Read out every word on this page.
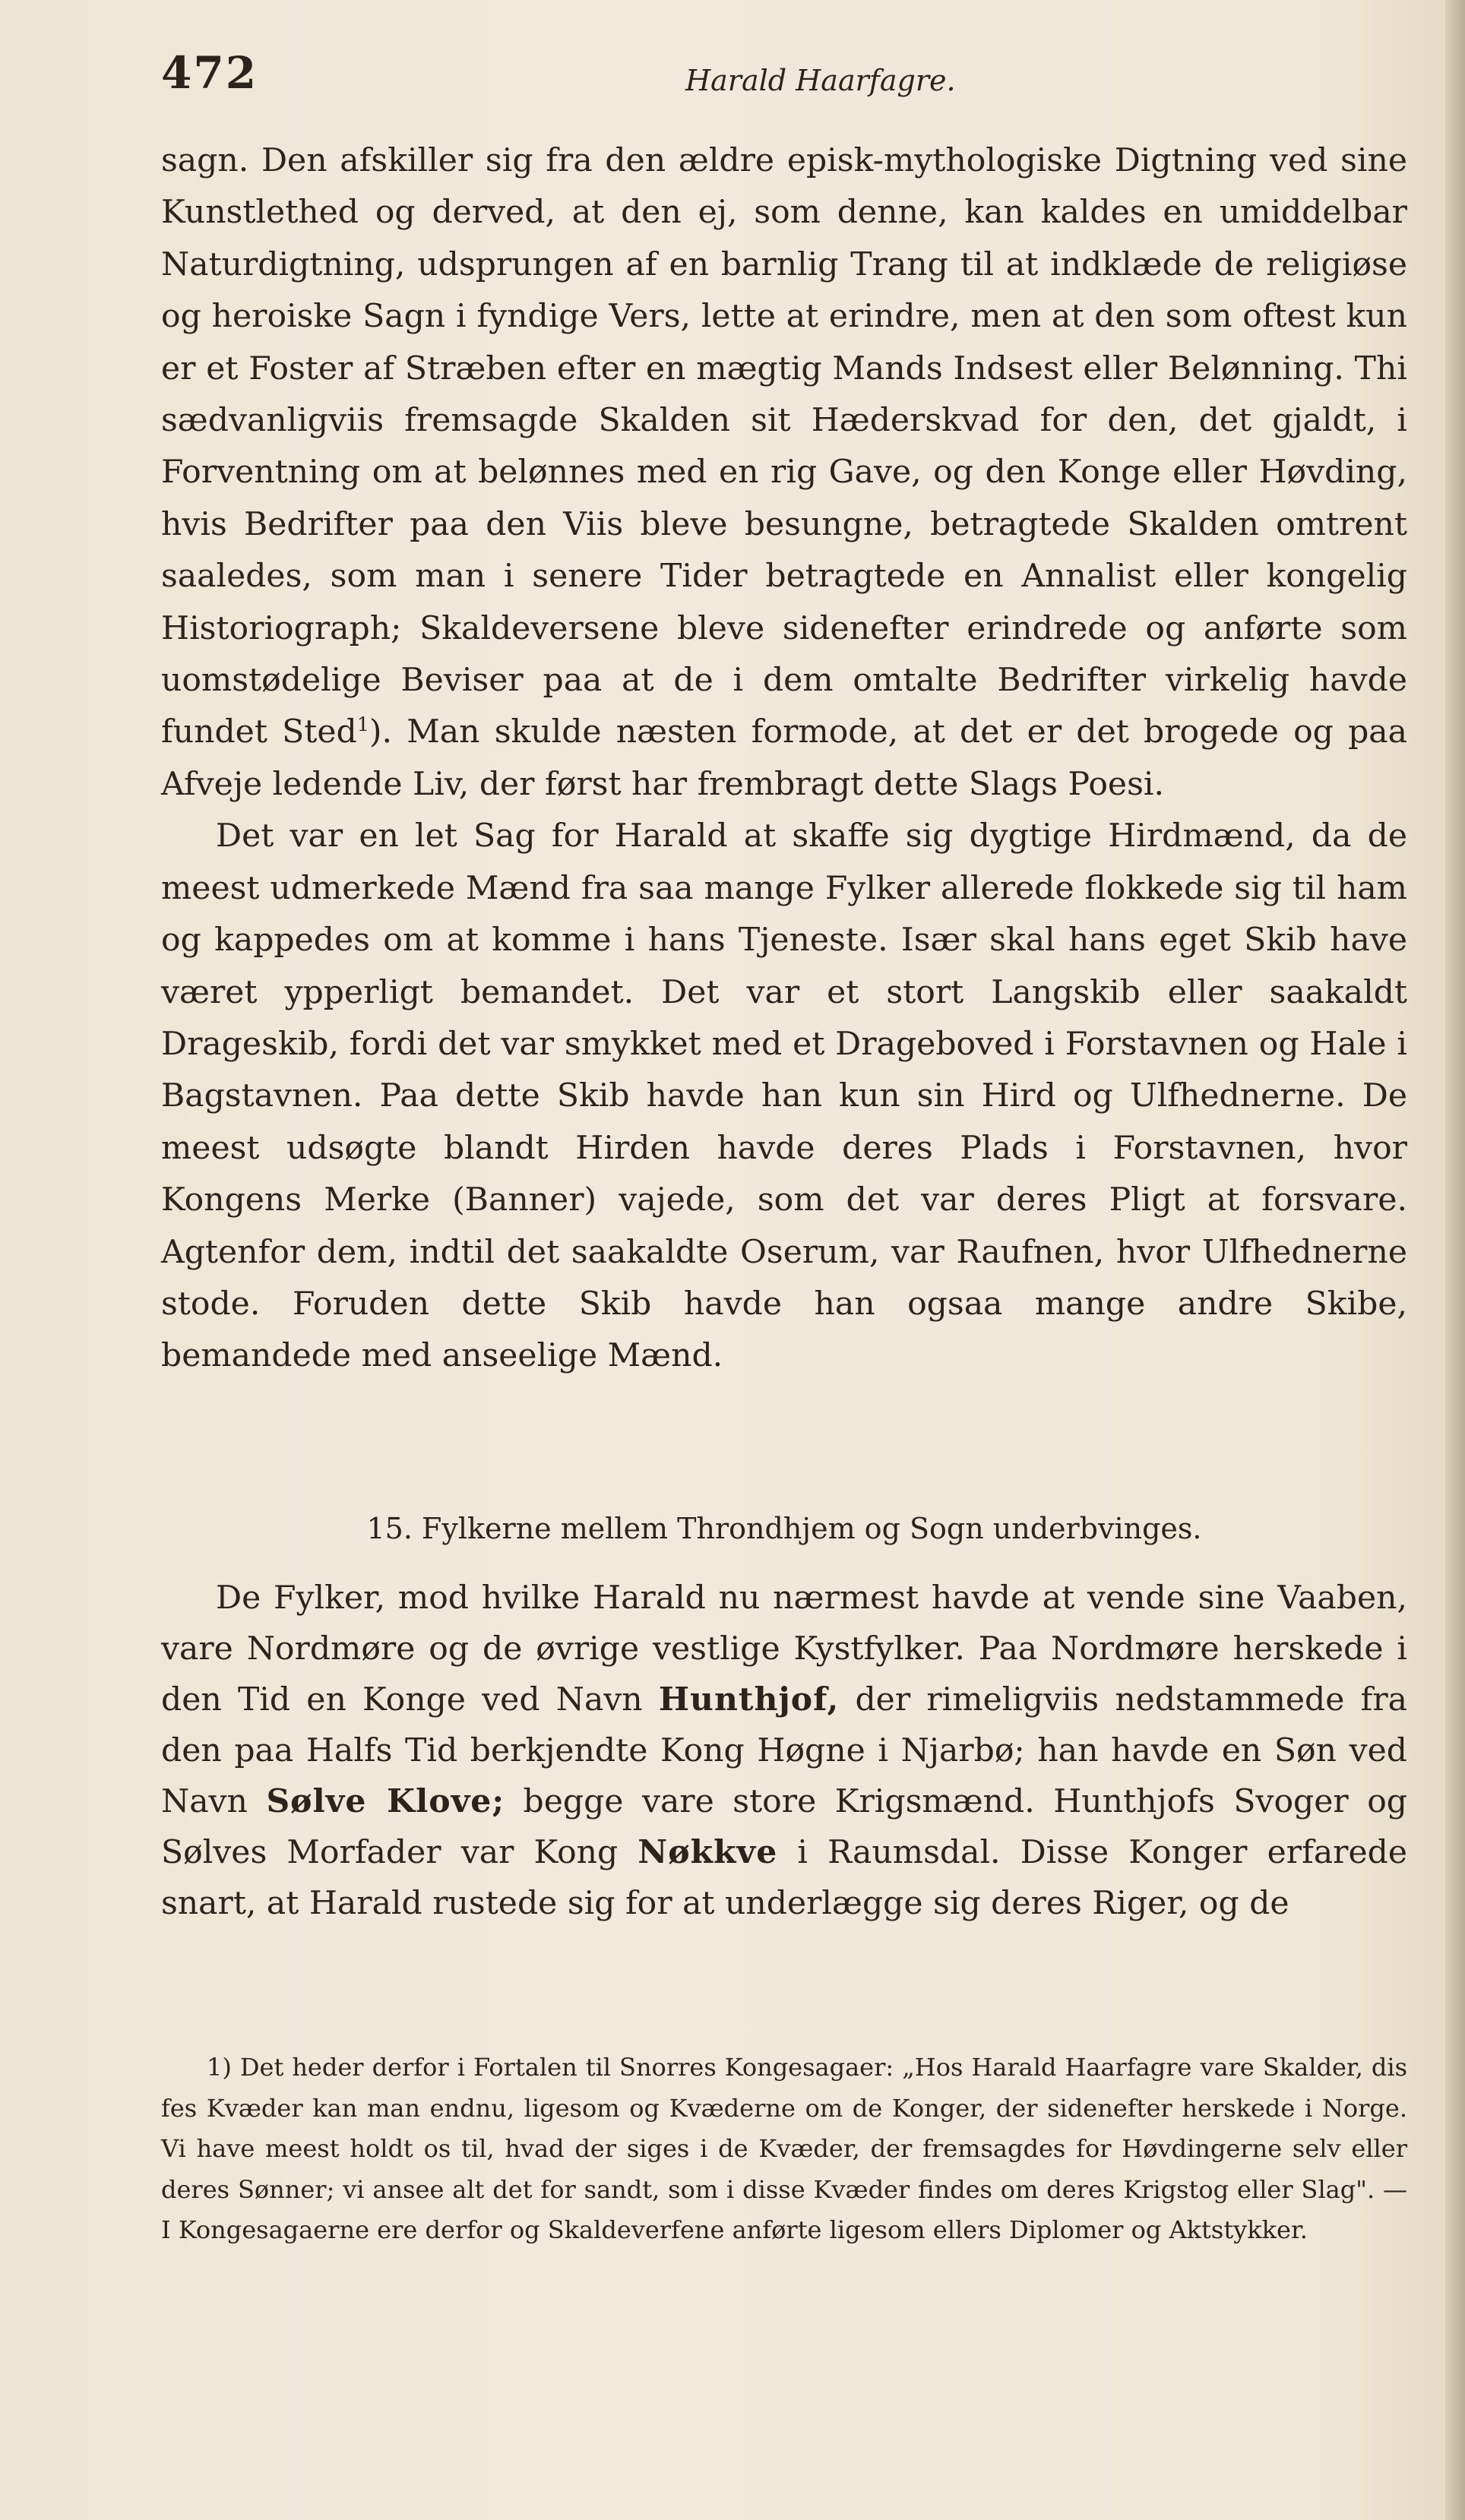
472	Harald Haarfagre.

sagn. Den afskiller sig fra den ældre episk-mythologiske Digtning ved sine Kunstlethed og derved, at den ej, som denne, kan kaldes en umiddelbar Naturdigtning, udsprungen af en barnlig Trang til at indklæde de religiøse og heroiske Sagn i fyndige Vers, lette at erindre, men at den som oftest kun er et Foster af Stræben efter en mægtig Mands Indsest eller Belønning. Thi sædvanligviis fremsagde Skalden sit Hæderskvad for den, det gjaldt, i Forventning om at belønnes med en rig Gave, og den Konge eller Høvding, hvis Bedrifter paa den Viis bleve besungne, betragtede Skalden omtrent saaledes, som man i senere Tider betragtede en Annalist eller kongelig Historiograph; Skaldeversene bleve sidenefter erindrede og anførte som uomstødelige Beviser paa at de i dem omtalte Bedrifter virkelig havde fundet Sted$^1$). Man skulde næsten formode, at det er det brogede og paa Afveje ledende Liv, der først har frembragt dette Slags Poesi.

Det var en let Sag for Harald at skaffe sig dygtige Hirdmænd, da de meest udmerkede Mænd fra saa mange Fylker allerede flokkede sig til ham og kappedes om at komme i hans Tjeneste. Især skal hans eget Skib have været ypperligt bemandet. Det var et stort Langskib eller saakaldt Drageskib, fordi det var smykket med et Drageboved i Forstavnen og Hale i Bagstavnen. Paa dette Skib havde han kun sin Hird og Ulfhednerne. De meest udsøgte blandt Hirden havde deres Plads i Forstavnen, hvor Kongens Merke (Banner) vajede, som det var deres Pligt at forsvare. Agtenfor dem, indtil det saakaldte Oserum, var Raufnen, hvor Ulfhednerne stode. Foruden dette Skib havde han ogsaa mange andre Skibe, bemandede med anseelige Mænd.

15. Fylkerne mellem Throndhjem og Sogn underbvinges.

De Fylker, mod hvilke Harald nu nærmest havde at vende sine Vaaben, vare Nordmøre og de øvrige vestlige Kystfylker. Paa Nordmøre herskede i den Tid en Konge ved Navn Hunthjof, der rimeligviis nedstammede fra den paa Halfs Tid berkjendte Kong Høgne i Njarbø; han havde en Søn ved Navn Sølve Klove; begge vare store Krigsmænd. Hunthjofs Svoger og Sølves Morfader var Kong Nøkkve i Raumsdal. Disse Konger erfarede snart, at Harald rustede sig for at underlægge sig deres Riger, og de

1) Det heder derfor i Fortalen til Snorres Kongesagaer: „Hos Harald Haarfagre vare Skalder, dis fes Kvæder kan man endnu, ligesom og Kvæderne om de Konger, der sidenefter herskede i Norge. Vi have meest holdt os til, hvad der siges i de Kvæder, der fremsagdes for Høvdingerne selv eller deres Sønner; vi ansee alt det for sandt, som i disse Kvæder findes om deres Krigstog eller Slag". — I Kongesagaerne ere derfor og Skaldeverfene anførte ligesom ellers Diplomer og Aktstykker.
